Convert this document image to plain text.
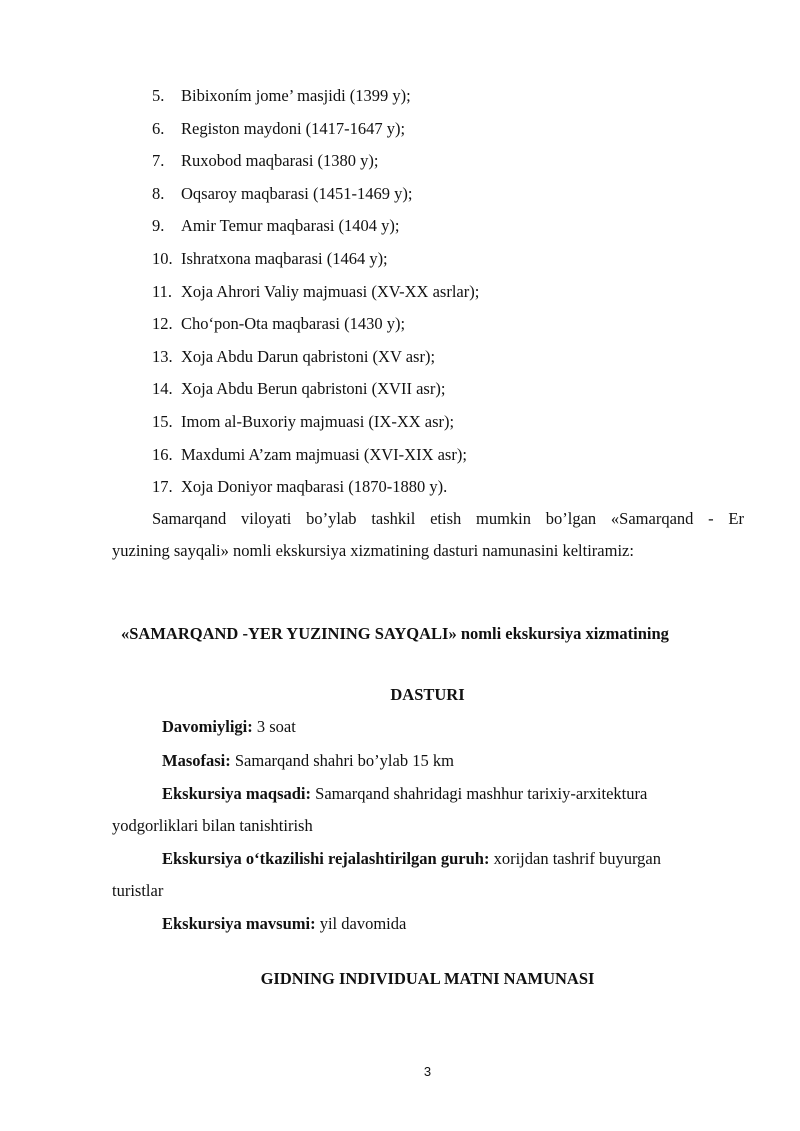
5. Bibixoním jome’ masjidi (1399 y);
6. Registon maydoni (1417-1647 y);
7. Ruxobod maqbarasi (1380 y);
8. Oqsaroy maqbarasi (1451-1469 y);
9. Amir Temur maqbarasi (1404 y);
10. Ishratxona maqbarasi (1464 y);
11. Xoja Ahrori Valiy majmuasi (XV-XX asrlar);
12. Cho‘pon-Ota maqbarasi (1430 y);
13. Xoja Abdu Darun qabristoni (XV asr);
14. Xoja Abdu Berun qabristoni (XVII asr);
15. Imom al-Buxoriy majmuasi (IX-XX asr);
16. Maxdumi A’zam majmuasi (XVI-XIX asr);
17. Xoja Doniyor maqbarasi (1870-1880 y).

Samarqand viloyati bo’ylab tashkil etish mumkin bo’lgan «Samarqand - Er
yuzining sayqali» nomli ekskursiya xizmatining dasturi namunasini keltiramiz:

«SAMARQAND -YER YUZINING SAYQALI» nomli ekskursiya xizmatining

DASTURI

Davomiyligi: 3 soat

Masofasi: Samarqand shahri bo’ylab 15 km

Ekskursiya maqsadi: Samarqand shahridagi mashhur tarixiy-arxitektura
yodgorliklari bilan tanishtirish

Ekskursiya o‘tkazilishi rejalashtirilgan guruh: xorijdan tashrif buyurgan
turistlar

Ekskursiya mavsumi: yil davomida

GIDNING INDIVIDUAL MATNI NAMUNASI

3
